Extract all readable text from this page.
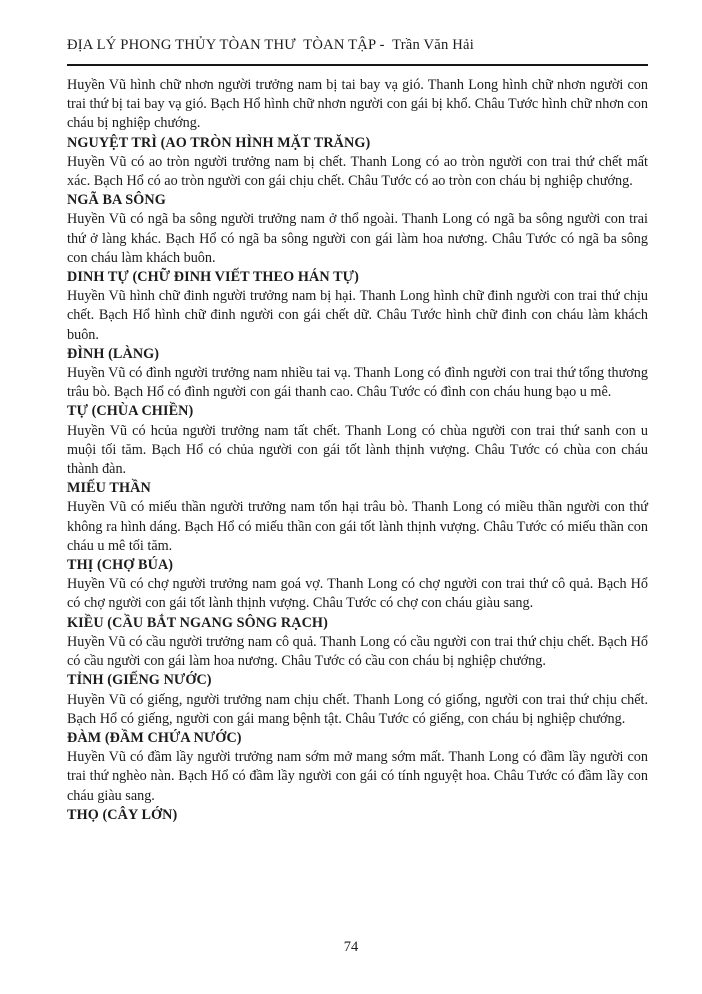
ĐỊA LÝ PHONG THỦY TÒAN THƯ  TÒAN TẬP -  Trần Văn Hải
Huyền Vũ hình chữ nhơn người trưởng nam bị tai bay vạ gió. Thanh Long hình chữ nhơn người con trai thứ bị tai bay vạ gió. Bạch Hổ hình chữ nhơn người con gái bị khổ. Châu Tước hình chữ nhơn con cháu bị nghiệp chướng.
NGUYỆT TRÌ (AO TRÒN HÌNH MẶT TRĂNG)
Huyền Vũ có ao tròn người trưởng nam bị chết. Thanh Long có ao tròn người con trai thứ chết mất xác. Bạch Hổ có ao tròn người con gái chịu chết. Châu Tước có ao tròn con cháu bị nghiệp chướng.
NGÃ BA SÔNG
Huyền Vũ có ngã ba sông người trưởng nam ở thổ ngoài. Thanh Long có ngã ba sông người con trai thứ ở làng khác. Bạch Hổ có ngã ba sông người con gái làm hoa nương. Châu Tước có ngã ba sông con cháu làm khách buôn.
DINH TỰ (CHỮ ĐINH VIẾT THEO HÁN TỰ)
Huyền Vũ hình chữ đinh người trưởng nam bị hại. Thanh Long hình chữ đinh người con trai thứ chịu chết. Bạch Hổ hình chữ đinh người con gái chết dữ. Châu Tước hình chữ đinh con cháu làm khách buôn.
ĐÌNH (LÀNG)
Huyền Vũ có đình người trưởng nam nhiều tai vạ. Thanh Long có đình người con trai thứ tổng thương trâu bò. Bạch Hổ có đình người con gái thanh cao. Châu Tước có đình con cháu hung bạo u mê.
TỰ (CHÙA CHIỀN)
Huyền Vũ có hcủa người trưởng nam tất chết. Thanh Long có chùa người con trai thứ sanh con u muội tối tăm. Bạch Hổ có chủa người con gái tốt lành thịnh vượng. Châu Tước có chùa con cháu thành đàn.
MIẾU THẦN
Huyền Vũ có miếu thần người trưởng nam tổn hại trâu bò. Thanh Long có miều thần người con thứ không ra hình dáng. Bạch Hổ có miếu thần con gái tốt lành thịnh vượng. Châu Tước có miếu thần con cháu u mê tối tăm.
THỊ (CHỢ BÚA)
Huyền Vũ có chợ người trưởng nam goá vợ. Thanh Long có chợ người con trai thứ cô quả. Bạch Hổ có chợ người con gái tốt lành thịnh vượng. Châu Tước có chợ con cháu giàu sang.
KIỀU (CẦU BẮT NGANG SÔNG RẠCH)
Huyền Vũ có cầu người trưởng nam cô quả. Thanh Long có cầu người con trai thứ chịu chết. Bạch Hổ có cầu người con gái làm hoa nương. Châu Tước có cầu con cháu bị nghiệp chướng.
TỈNH (GIẾNG NƯỚC)
Huyền Vũ có giếng, người trưởng nam chịu chết. Thanh Long có giống, người con trai thứ chịu chết. Bạch Hổ có giếng, người con gái mang bệnh tật. Châu Tước có giếng, con cháu bị nghiệp chướng.
ĐÀM (ĐẦM CHỨA NƯỚC)
Huyền Vũ có đầm lầy người trưởng nam sớm mở mang sớm mất. Thanh Long có đầm lầy người con trai thứ nghèo nàn. Bạch Hổ có đầm lầy người con gái có tính nguyệt hoa. Châu Tước có đầm lầy con cháu giàu sang.
THỌ (CÂY LỚN)
74
